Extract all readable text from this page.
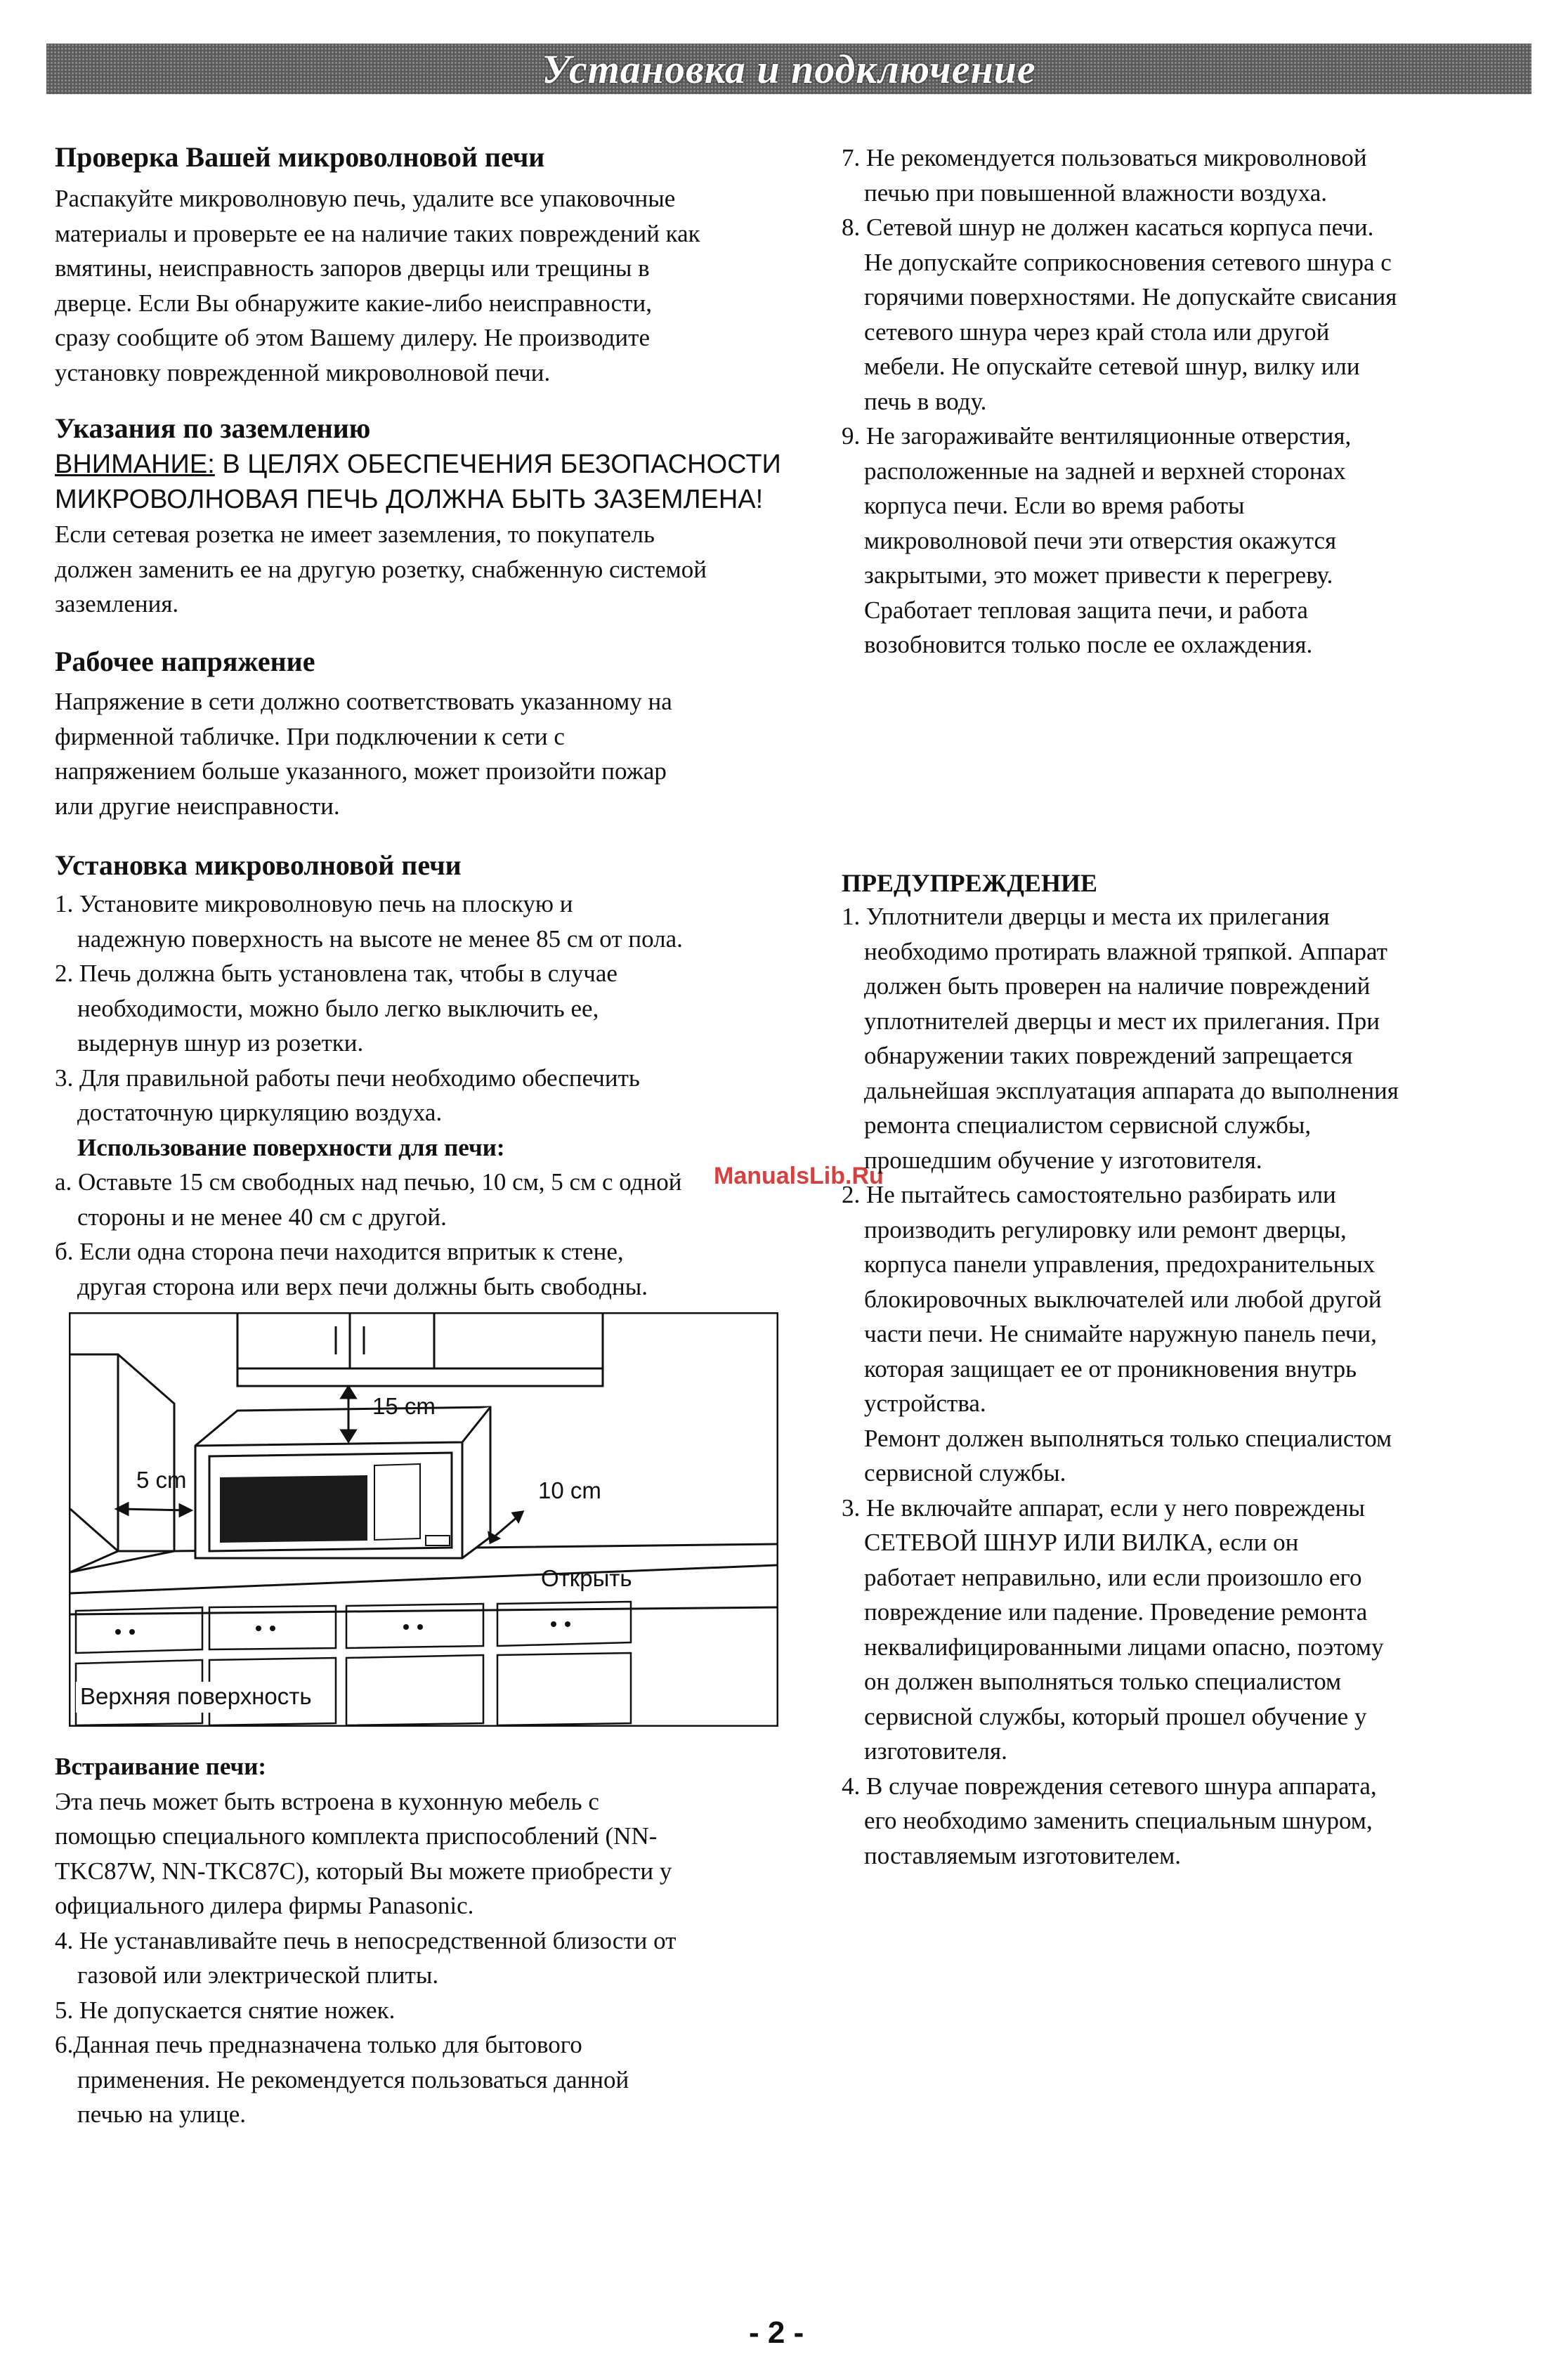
Установка и подключение
Проверка Вашей микроволновой печи

Распакуйте микроволновую печь, удалите все упаковочные

материалы и проверьте ее на наличие таких повреждений как

вмятины, неисправность запоров дверцы или трещины в

дверце. Если Вы обнаружите какие-либо неисправности,

сразу сообщите об этом Вашему дилеру. Не производите

установку поврежденной микроволновой печи.

Указания по заземлению

ВНИМАНИЕ: В ЦЕЛЯХ ОБЕСПЕЧЕНИЯ БЕЗОПАСНОСТИ

МИКРОВОЛНОВАЯ ПЕЧЬ ДОЛЖНА БЫТЬ ЗАЗЕМЛЕНА!

Если сетевая розетка не имеет заземления, то покупатель

должен заменить ее на другую розетку, снабженную системой

заземления.

Рабочее напряжение

Напряжение в сети должно соответствовать указанному на

фирменной табличке. При подключении к сети с

напряжением больше указанного, может произойти пожар

или другие неисправности.

Установка микроволновой печи

1. Установите микроволновую печь на плоскую и

надежную поверхность на высоте не менее 85 см от пола.

2. Печь должна быть установлена так, чтобы в случае

необходимости, можно было легко выключить ее,

выдернув шнур из розетки.

3. Для правильной работы печи необходимо обеспечить

достаточную циркуляцию воздуха.

Использование поверхности для печи:

а. Оставьте 15 см свободных над печью, 10 см, 5 см с одной

стороны и не менее 40 см с другой.

б. Если одна сторона печи находится впритык к стене,

другая сторона или верх печи должны быть свободны.

Встраивание печи:

Эта печь может быть встроена в кухонную мебель с

помощью специального комплекта приспособлений (NN-

TKC87W, NN-TKC87C), который Вы можете приобрести у

официального дилера фирмы Panasonic.

4. Не устанавливайте печь в непосредственной близости от

газовой или электрической плиты.

5. Не допускается снятие ножек.

6.Данная печь предназначена только для бытового

применения. Не рекомендуется пользоваться данной

печью на улице.

15 cm
5 cm	10 cm
Открыть
Верхняя поверхность
ManualsLib.Ru

7. Не рекомендуется пользоваться микроволновой

печью при повышенной влажности воздуха.

8. Сетевой шнур не должен касаться корпуса печи.

Не допускайте соприкосновения сетевого шнура с

горячими поверхностями. Не допускайте свисания

сетевого шнура через край стола или другой

мебели. Не опускайте сетевой шнур, вилку или

печь в воду.

9. Не загораживайте вентиляционные отверстия,

расположенные на задней и верхней сторонах

корпуса печи. Если во время работы

микроволновой печи эти отверстия окажутся

закрытыми, это может привести к перегреву.

Сработает тепловая защита печи, и работа

возобновится только после ее охлаждения.

ПРЕДУПРЕЖДЕНИЕ

1. Уплотнители дверцы и места их прилегания

необходимо протирать влажной тряпкой. Аппарат

должен быть проверен на наличие повреждений

уплотнителей дверцы и мест их прилегания. При

обнаружении таких повреждений запрещается

дальнейшая эксплуатация аппарата до выполнения

ремонта специалистом сервисной службы,

прошедшим обучение у изготовителя.

2. Не пытайтесь самостоятельно разбирать или

производить регулировку или ремонт дверцы,

корпуса панели управления, предохранительных

блокировочных выключателей или любой другой

части печи. Не снимайте наружную панель печи,

которая защищает ее от проникновения внутрь

устройства.

Ремонт должен выполняться только специалистом

сервисной службы.

3. Не включайте аппарат, если у него повреждены

СЕТЕВОЙ ШНУР ИЛИ ВИЛКА, если он

работает неправильно, или если произошло его

повреждение или падение. Проведение ремонта

неквалифицированными лицами опасно, поэтому

он должен выполняться только специалистом

сервисной службы, который прошел обучение у

изготовителя.

4. В случае повреждения сетевого шнура аппарата,

его необходимо заменить специальным шнуром,

поставляемым изготовителем.

- 2 -
